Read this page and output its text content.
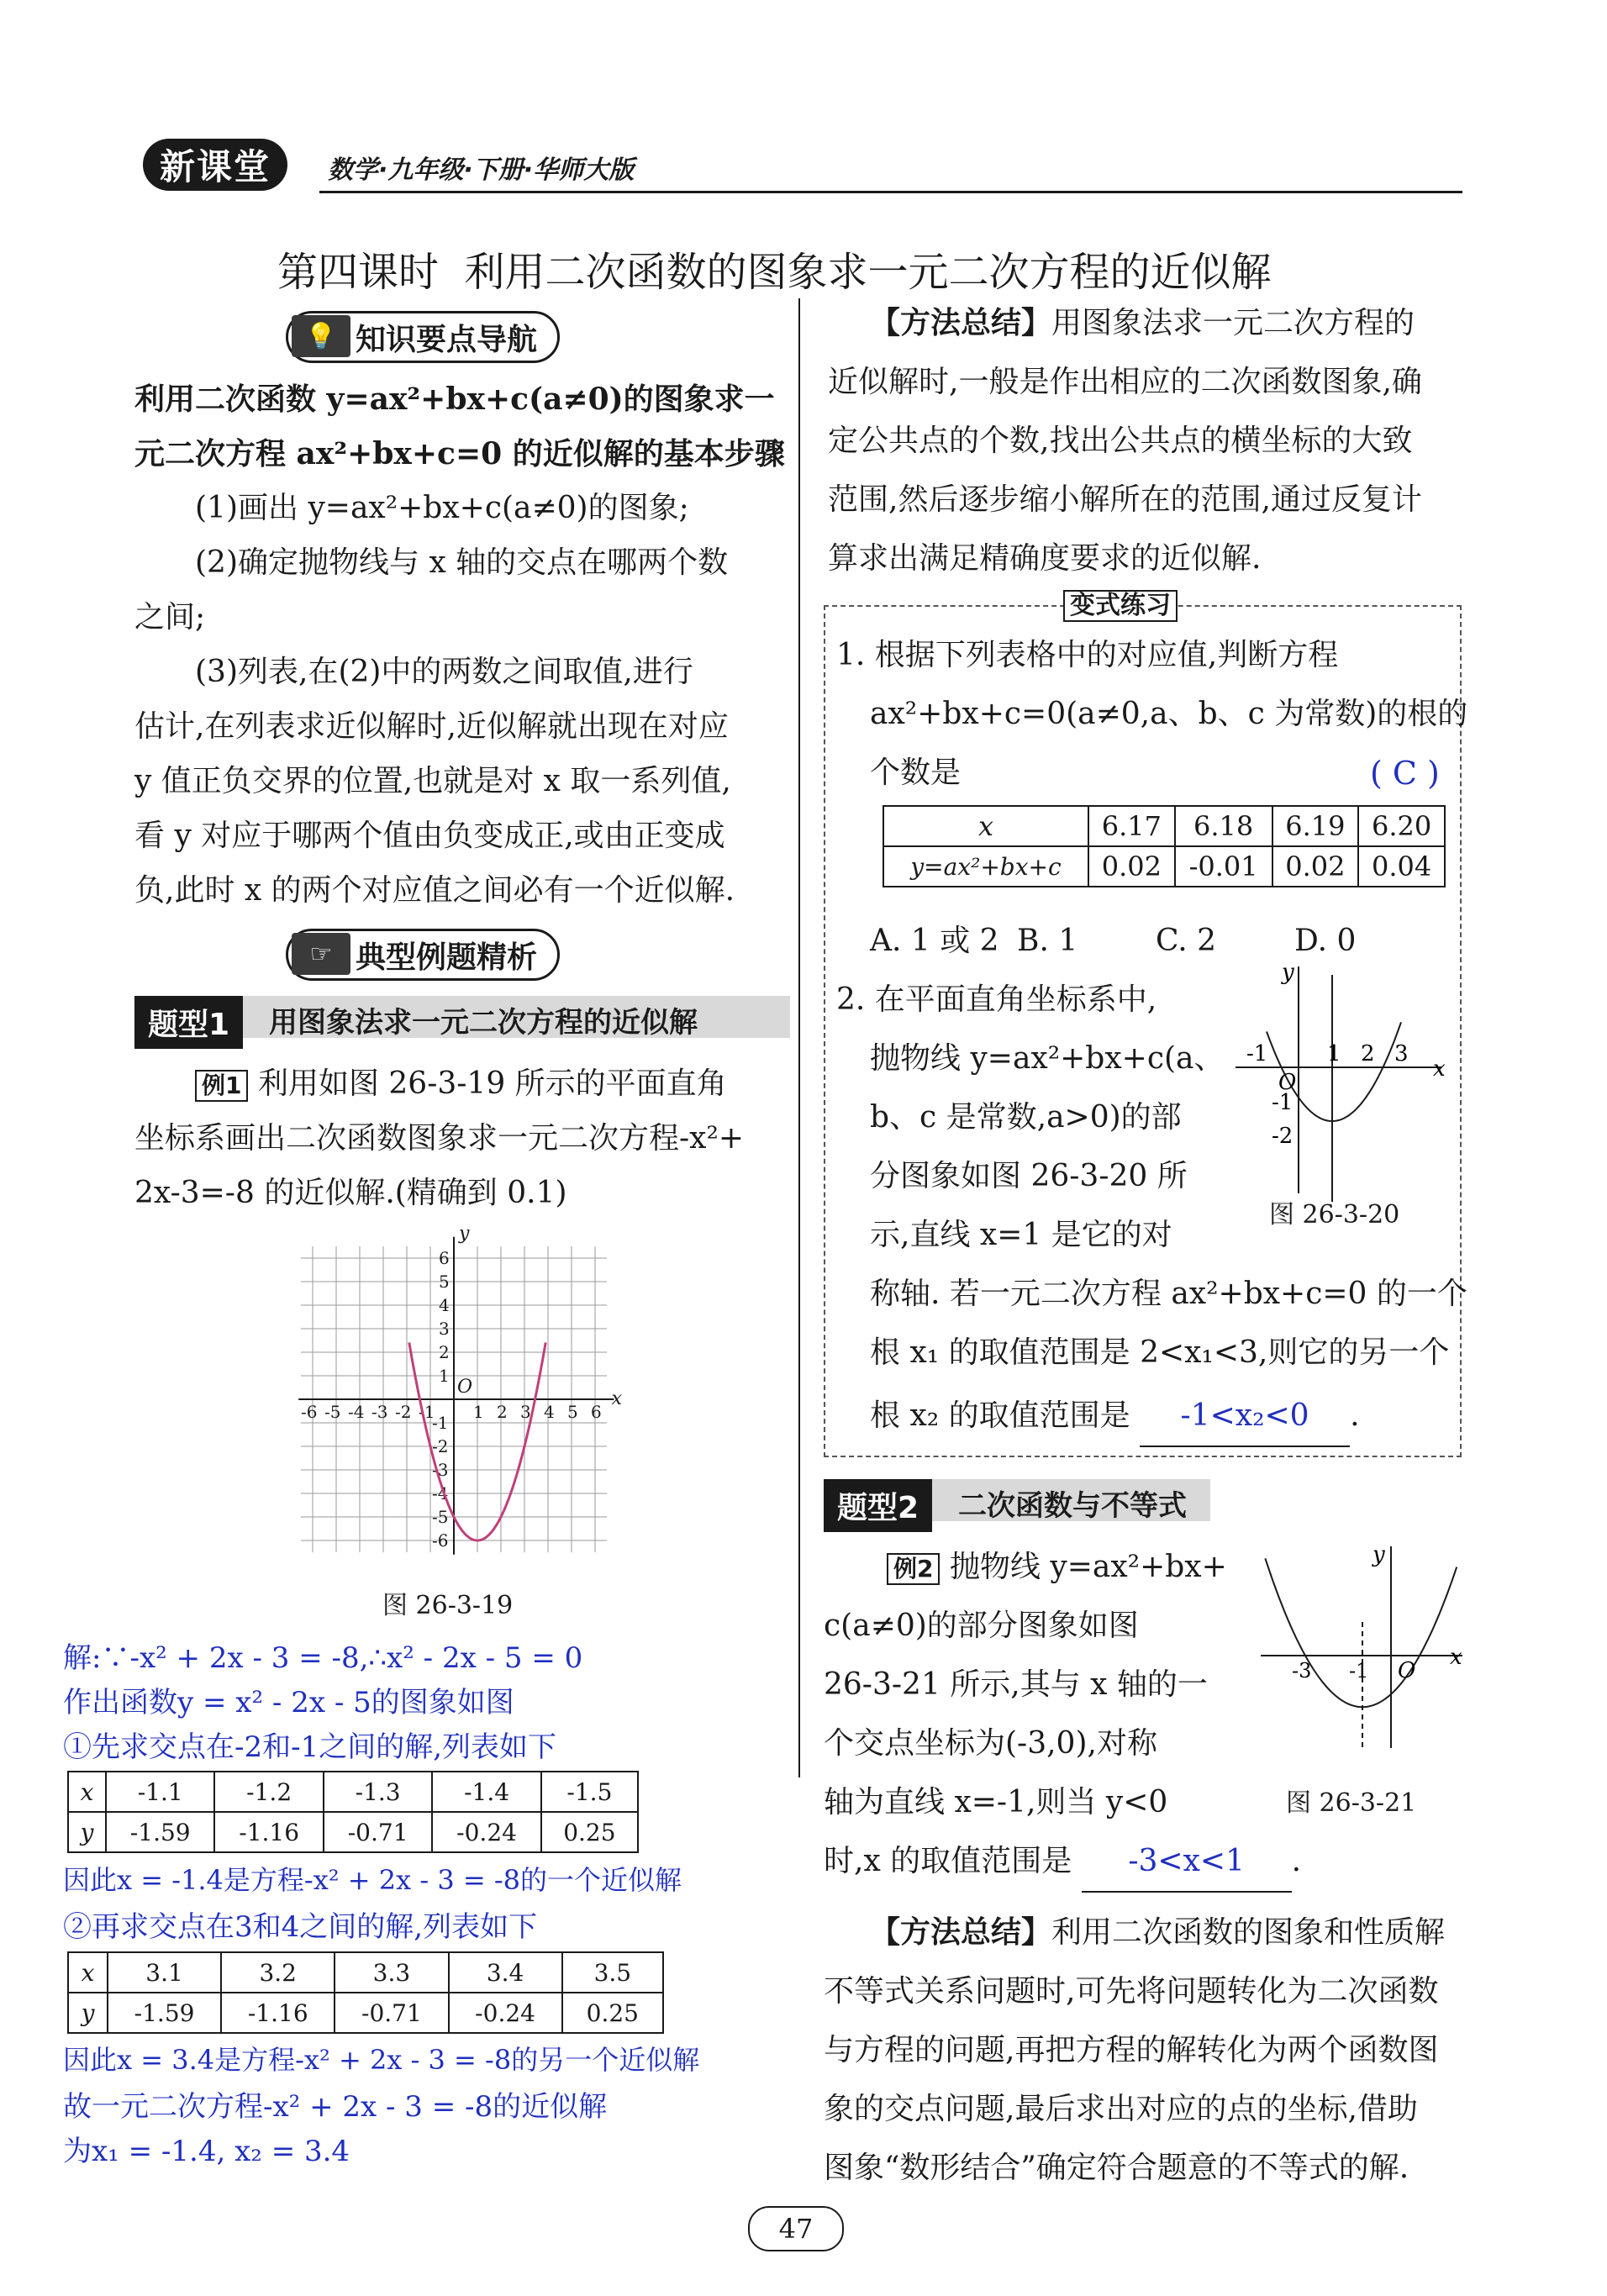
新课堂	数学·九年级·下册·华师大版
第四课时  利用二次函数的图象求一元二次方程的近似解
💡 知识要点导航
利用二次函数 y=ax²+bx+c(a≠0)的图象求一
元二次方程 ax²+bx+c=0 的近似解的基本步骤
(1)画出 y=ax²+bx+c(a≠0)的图象;
(2)确定抛物线与 x 轴的交点在哪两个数
之间;
(3)列表,在(2)中的两数之间取值,进行
估计,在列表求近似解时,近似解就出现在对应
y 值正负交界的位置,也就是对 x 取一系列值,
看 y 对应于哪两个值由负变成正,或由正变成
负,此时 x 的两个对应值之间必有一个近似解.
☞ 典型例题精析
题型1	用图象法求一元二次方程的近似解
例1 利用如图 26-3-19 所示的平面直角
坐标系画出二次函数图象求一元二次方程-x²+
2x-3=-8 的近似解.(精确到 0.1)
x
y
O
-6 -5 -4 -3 -2 -1 1 2 3 4 5 6
6
5
4
3
2
1
-1
-2
-3
-4
-5
-6
图 26-3-19
解:∵-x² + 2x - 3 = -8,∴x² - 2x - 5 = 0
作出函数y = x² - 2x - 5的图象如图
①先求交点在-2和-1之间的解,列表如下
x	-1.1	-1.2	-1.3	-1.4	-1.5
y	-1.59	-1.16	-0.71	-0.24	0.25
因此x = -1.4是方程-x² + 2x - 3 = -8的一个近似解
②再求交点在3和4之间的解,列表如下
x	3.1	3.2	3.3	3.4	3.5
y	-1.59	-1.16	-0.71	-0.24	0.25
因此x = 3.4是方程-x² + 2x - 3 = -8的另一个近似解
故一元二次方程-x² + 2x - 3 = -8的近似解
为x₁ = -1.4, x₂ = 3.4
【方法总结】用图象法求一元二次方程的
近似解时,一般是作出相应的二次函数图象,确
定公共点的个数,找出公共点的横坐标的大致
范围,然后逐步缩小解所在的范围,通过反复计
算求出满足精确度要求的近似解.
变式练习
1. 根据下列表格中的对应值,判断方程
ax²+bx+c=0(a≠0,a、b、c 为常数)的根的
个数是	( C )
x	6.17	6.18	6.19	6.20
y=ax²+bx+c	0.02	-0.01	0.02	0.04
A. 1 或 2 B. 1	C. 2	D. 0
2. 在平面直角坐标系中,
抛物线 y=ax²+bx+c(a、
b、c 是常数,a>0)的部
分图象如图 26-3-20 所
示,直线 x=1 是它的对
x
y
O
-1	1 2 3
-1
-2
图 26-3-20
称轴. 若一元二次方程 ax²+bx+c=0 的一个
根 x₁ 的取值范围是 2<x₁<3,则它的另一个
根 x₂ 的取值范围是 -1<x₂<0 .
题型2	二次函数与不等式
例2 抛物线 y=ax²+bx+
c(a≠0)的部分图象如图
26-3-21 所示,其与 x 轴的一
个交点坐标为(-3,0),对称
轴为直线 x=-1,则当 y<0
时,x 的取值范围是 -3<x<1 .
x
y
O
-3 -1
图 26-3-21
【方法总结】利用二次函数的图象和性质解
不等式关系问题时,可先将问题转化为二次函数
与方程的问题,再把方程的解转化为两个函数图
象的交点问题,最后求出对应的点的坐标,借助
图象“数形结合”确定符合题意的不等式的解.
47
